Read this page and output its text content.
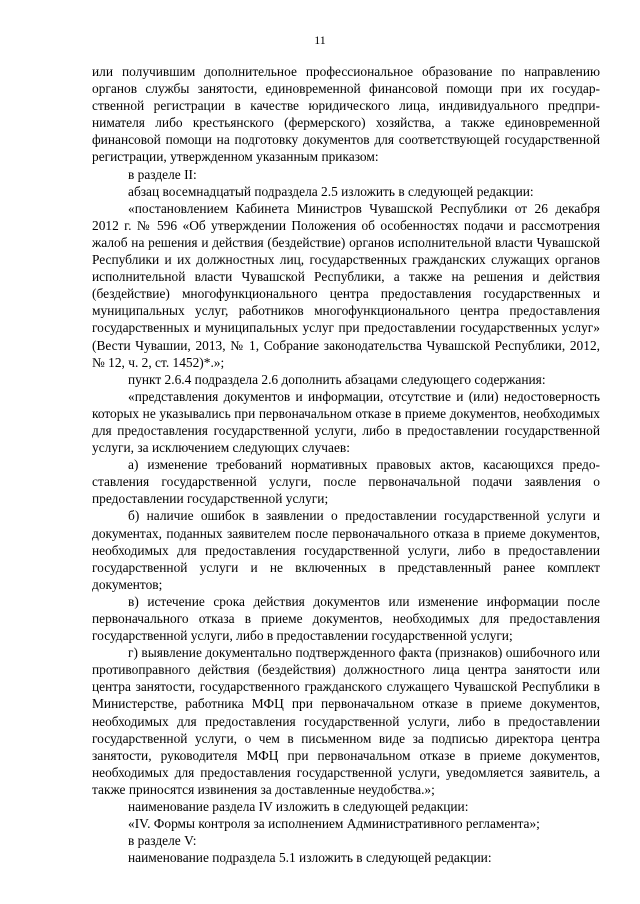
11

или получившим дополнительное профессиональное образование по направлению органов службы занятости, единовременной финансовой помощи при их государственной регистрации в качестве юридического лица, индивидуального предпринимателя либо крестьянского (фермерского) хозяйства, а также единовременной финансовой помощи на подготовку документов для соответствующей государственной регистрации, утвержденном указанным приказом:

в разделе II:

абзац восемнадцатый подраздела 2.5 изложить в следующей редакции:

«постановлением Кабинета Министров Чувашской Республики от 26 декабря 2012 г. № 596 «Об утверждении Положения об особенностях подачи и рассмотрения жалоб на решения и действия (бездействие) органов исполнительной власти Чувашской Республики и их должностных лиц, государственных гражданских служащих органов исполнительной власти Чувашской Республики, а также на решения и действия (бездействие) многофункционального центра предоставления государственных и муниципальных услуг, работников многофункционального центра предоставления государственных и муниципальных услуг при предоставлении государственных услуг» (Вести Чувашии, 2013, № 1, Собрание законодательства Чувашской Республики, 2012, № 12, ч. 2, ст. 1452)*.»;

пункт 2.6.4 подраздела 2.6 дополнить абзацами следующего содержания:

«представления документов и информации, отсутствие и (или) недостоверность которых не указывались при первоначальном отказе в приеме документов, необходимых для предоставления государственной услуги, либо в предоставлении государственной услуги, за исключением следующих случаев:

а) изменение требований нормативных правовых актов, касающихся предоставления государственной услуги, после первоначальной подачи заявления о предоставлении государственной услуги;

б) наличие ошибок в заявлении о предоставлении государственной услуги и документах, поданных заявителем после первоначального отказа в приеме документов, необходимых для предоставления государственной услуги, либо в предоставлении государственной услуги и не включенных в представленный ранее комплект документов;

в) истечение срока действия документов или изменение информации после первоначального отказа в приеме документов, необходимых для предоставления государственной услуги, либо в предоставлении государственной услуги;

г) выявление документально подтвержденного факта (признаков) ошибочного или противоправного действия (бездействия) должностного лица центра занятости или центра занятости, государственного гражданского служащего Чувашской Республики в Министерстве, работника МФЦ при первоначальном отказе в приеме документов, необходимых для предоставления государственной услуги, либо в предоставлении государственной услуги, о чем в письменном виде за подписью директора центра занятости, руководителя МФЦ при первоначальном отказе в приеме документов, необходимых для предоставления государственной услуги, уведомляется заявитель, а также приносятся извинения за доставленные неудобства.»;

наименование раздела IV изложить в следующей редакции:

«IV. Формы контроля за исполнением Административного регламента»;

в разделе V:

наименование подраздела 5.1 изложить в следующей редакции:
